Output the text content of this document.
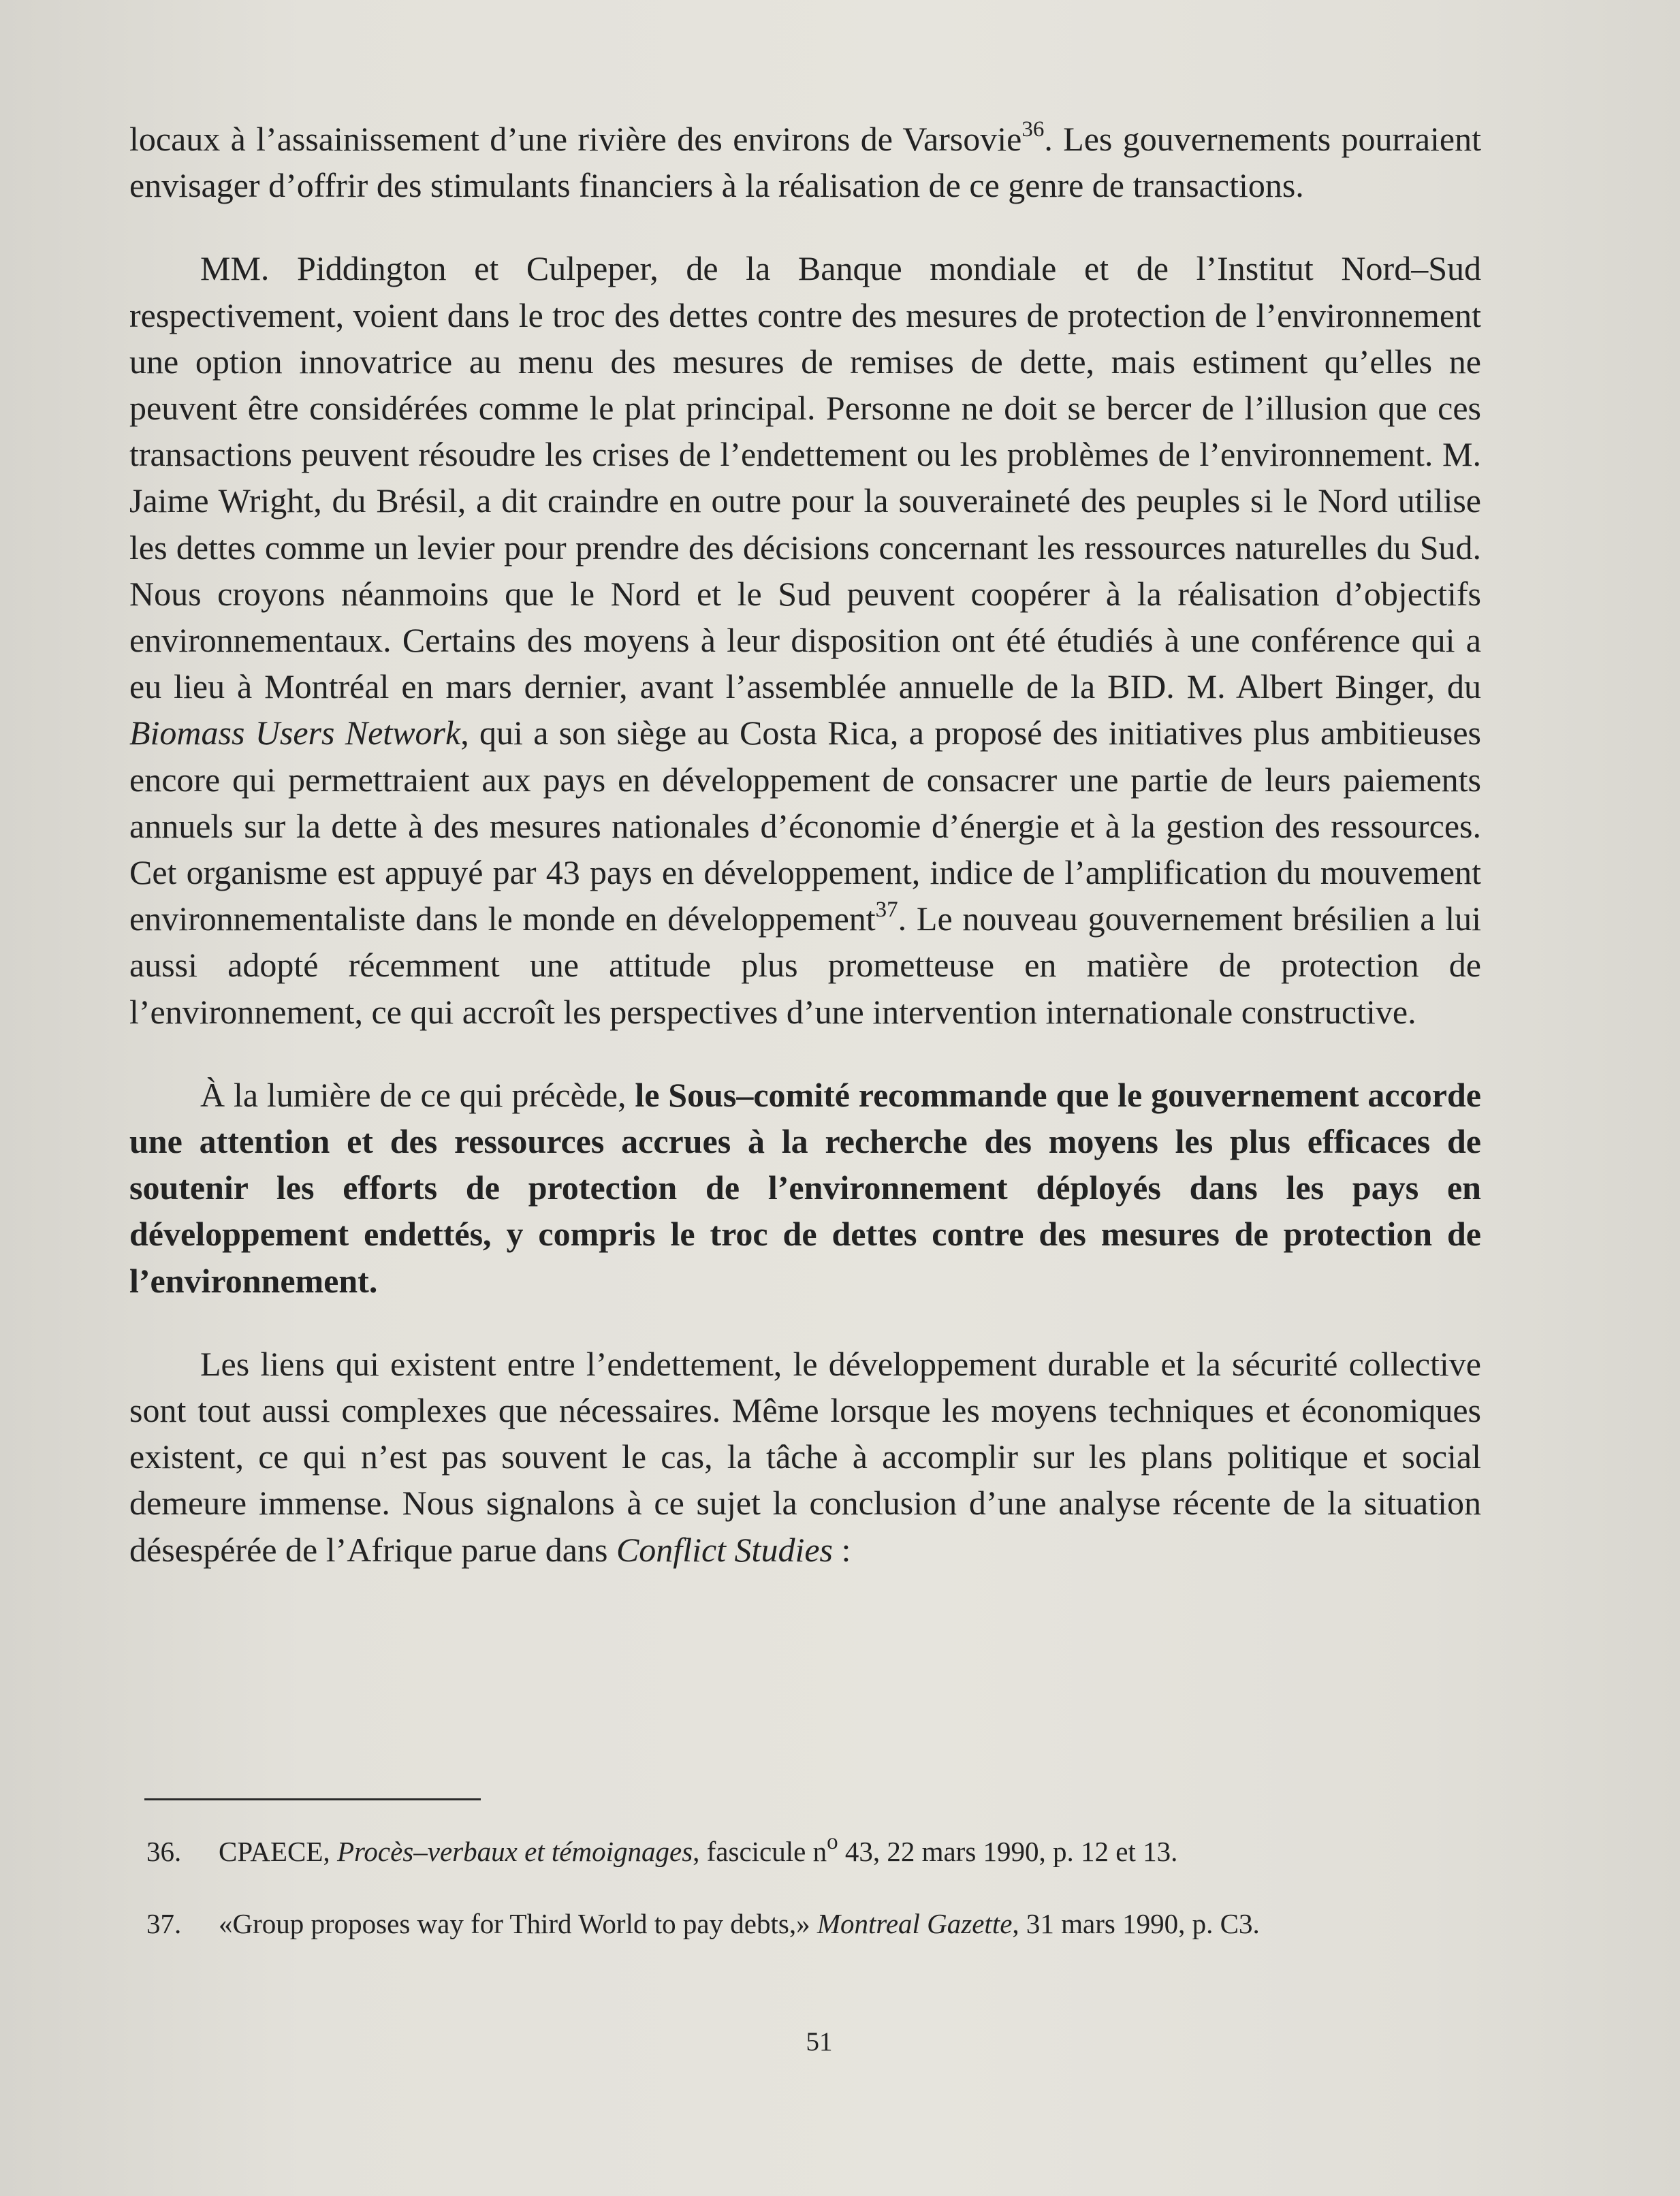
locaux à l’assainissement d’une rivière des environs de Varsovie$^{36}$. Les gouvernements pourraient envisager d’offrir des stimulants financiers à la réalisation de ce genre de transactions.

MM. Piddington et Culpeper, de la Banque mondiale et de l’Institut Nord–Sud respectivement, voient dans le troc des dettes contre des mesures de protection de l’environnement une option innovatrice au menu des mesures de remises de dette, mais estiment qu’elles ne peuvent être considérées comme le plat principal. Personne ne doit se bercer de l’illusion que ces transactions peuvent résoudre les crises de l’endettement ou les problèmes de l’environnement. M. Jaime Wright, du Brésil, a dit craindre en outre pour la souveraineté des peuples si le Nord utilise les dettes comme un levier pour prendre des décisions concernant les ressources naturelles du Sud. Nous croyons néanmoins que le Nord et le Sud peuvent coopérer à la réalisation d’objectifs environnementaux. Certains des moyens à leur disposition ont été étudiés à une conférence qui a eu lieu à Montréal en mars dernier, avant l’assemblée annuelle de la BID. M. Albert Binger, du Biomass Users Network, qui a son siège au Costa Rica, a proposé des initiatives plus ambitieuses encore qui permettraient aux pays en développement de consacrer une partie de leurs paiements annuels sur la dette à des mesures nationales d’économie d’énergie et à la gestion des ressources. Cet organisme est appuyé par 43 pays en développement, indice de l’amplification du mouvement environnementaliste dans le monde en développement$^{37}$. Le nouveau gouvernement brésilien a lui aussi adopté récemment une attitude plus prometteuse en matière de protection de l’environnement, ce qui accroît les perspectives d’une intervention internationale constructive.

À la lumière de ce qui précède, le Sous–comité recommande que le gouvernement accorde une attention et des ressources accrues à la recherche des moyens les plus efficaces de soutenir les efforts de protection de l’environnement déployés dans les pays en développement endettés, y compris le troc de dettes contre des mesures de protection de l’environnement.

Les liens qui existent entre l’endettement, le développement durable et la sécurité collective sont tout aussi complexes que nécessaires. Même lorsque les moyens techniques et économiques existent, ce qui n’est pas souvent le cas, la tâche à accomplir sur les plans politique et social demeure immense. Nous signalons à ce sujet la conclusion d’une analyse récente de la situation désespérée de l’Afrique parue dans Conflict Studies :

36. CPAECE, Procès–verbaux et témoignages, fascicule $n^o$ 43, 22 mars 1990, p. 12 et 13.
37. «Group proposes way for Third World to pay debts,» Montreal Gazette, 31 mars 1990, p. C3.
51
